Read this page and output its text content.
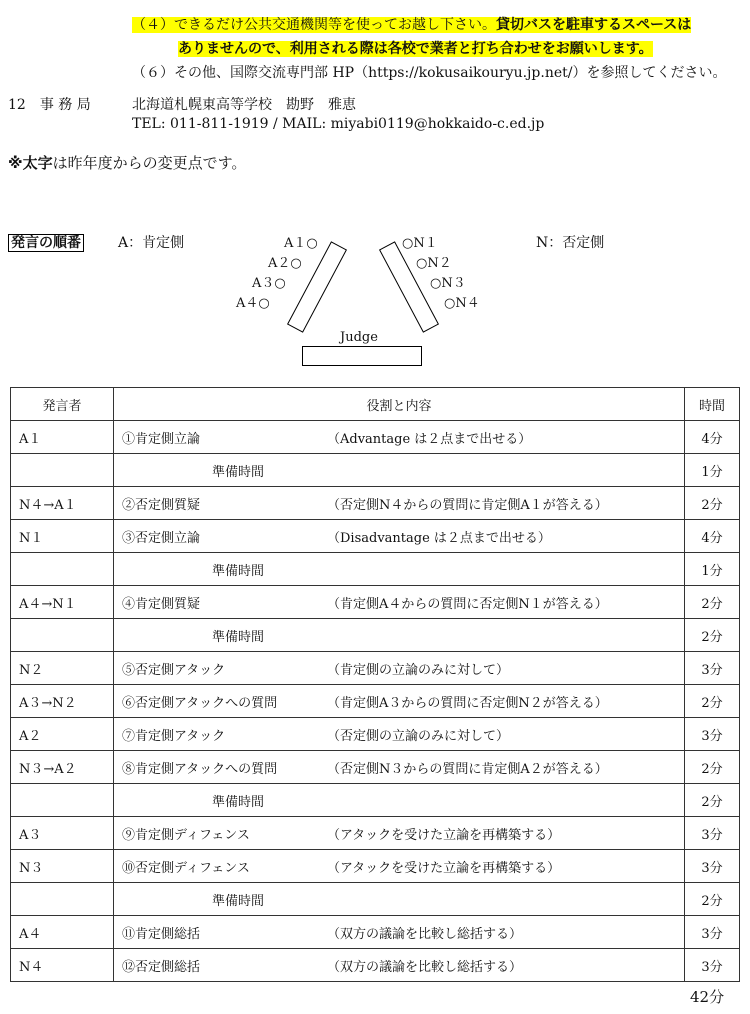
（４）できるだけ公共交通機関等を使ってお越し下さい。貸切バスを駐車するスペースは
ありませんので、利用される際は各校で業者と打ち合わせをお願いします。
（６）その他、国際交流専門部 HP（https://kokusaikouryu.jp.net/）を参照してください。
12　事 務 局	北海道札幌東高等学校　勘野　雅恵
TEL: 011-811-1919 / MAIL: miyabi0119@hokkaido-c.ed.jp
※太字は昨年度からの変更点です。
発言の順番	A：肯定側	N：否定側
A１○
A２○
A３○
A４○
○N１
○N２
○N３
○N４
Judge
発言者	役割と内容	時間
A１	①肯定側立論 （Advantage は２点まで出せる）	4分
	準備時間	1分
N４→A１	②否定側質疑 （否定側N４からの質問に肯定側A１が答える）	2分
N１	③否定側立論 （Disadvantage は２点まで出せる）	4分
	準備時間	1分
A４→N１	④肯定側質疑 （肯定側A４からの質問に否定側N１が答える）	2分
	準備時間	2分
N２	⑤否定側アタック （肯定側の立論のみに対して）	3分
A３→N２	⑥否定側アタックへの質問 （肯定側A３からの質問に否定側N２が答える）	2分
A２	⑦肯定側アタック （否定側の立論のみに対して）	3分
N３→A２	⑧肯定側アタックへの質問 （否定側N３からの質問に肯定側A２が答える）	2分
	準備時間	2分
A３	⑨肯定側ディフェンス （アタックを受けた立論を再構築する）	3分
N３	⑩否定側ディフェンス （アタックを受けた立論を再構築する）	3分
	準備時間	2分
A４	⑪肯定側総括 （双方の議論を比較し総括する）	3分
N４	⑫否定側総括 （双方の議論を比較し総括する）	3分
42分
